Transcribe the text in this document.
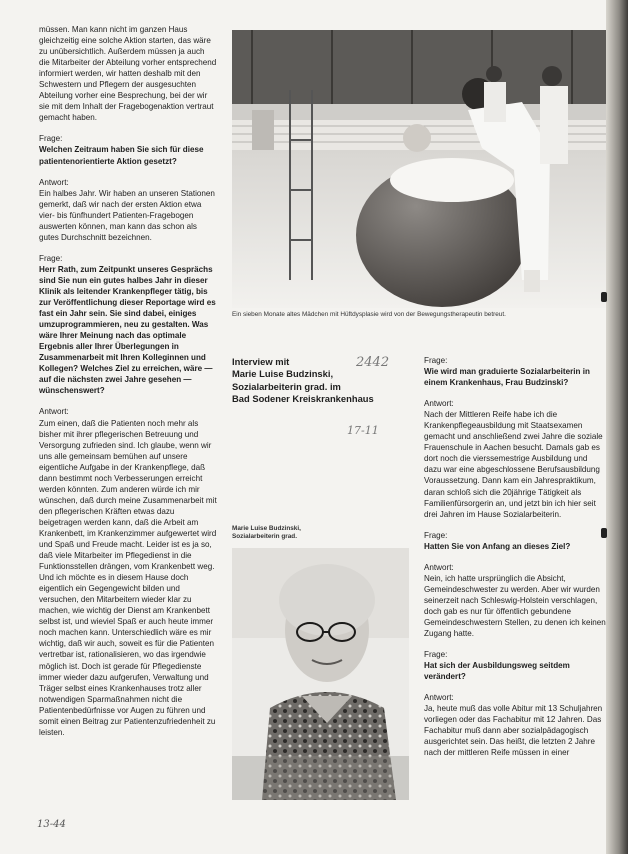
müssen. Man kann nicht im ganzen Haus gleichzeitig eine solche Aktion starten, das wäre zu unübersichtlich. Außerdem müssen ja auch die Mitarbeiter der Abteilung vorher entsprechend informiert werden, wir hatten deshalb mit den Schwestern und Pflegern der ausgesuchten Abteilung vorher eine Besprechung, bei der wir sie mit dem Inhalt der Fragebogenaktion vertraut gemacht haben.

Frage:

Welchen Zeitraum haben Sie sich für diese patientenorientierte Aktion gesetzt?

Antwort:

Ein halbes Jahr. Wir haben an unseren Stationen gemerkt, daß wir nach der ersten Aktion etwa vier- bis fünfhundert Patienten-Fragebogen auswerten können, man kann das schon als gutes Durchschnitt bezeichnen.

Frage:

Herr Rath, zum Zeitpunkt unseres Gesprächs sind Sie nun ein gutes halbes Jahr in dieser Klinik als leitender Krankenpfleger tätig, bis zur Veröffentlichung dieser Reportage wird es fast ein Jahr sein. Sie sind dabei, einiges umzuprogrammieren, neu zu gestalten. Was wäre Ihrer Meinung nach das optimale Ergebnis aller Ihrer Überlegungen in Zusammenarbeit mit Ihren Kolleginnen und Kollegen? Welches Ziel zu erreichen, wäre — auf die nächsten zwei Jahre gesehen — wünschenswert?

Antwort:

Zum einen, daß die Patienten noch mehr als bisher mit ihrer pflegerischen Betreuung und Versorgung zufrieden sind. Ich glaube, wenn wir uns alle gemeinsam bemühen auf unsere eigentliche Aufgabe in der Krankenpflege, daß dann bestimmt noch Verbesserungen erreicht werden könnten. Zum anderen würde ich mir wünschen, daß durch meine Zusammenarbeit mit den pflegerischen Kräften etwas dazu beigetragen werden kann, daß die Arbeit am Krankenbett, im Krankenzimmer aufgewertet wird und Spaß und Freude macht. Leider ist es ja so, daß viele Mitarbeiter im Pflegedienst in die Funktionsstellen drängen, vom Krankenbett weg. Und ich möchte es in diesem Hause doch eigentlich ein Gegengewicht bilden und versuchen, den Mitarbeitern wieder klar zu machen, wie wichtig der Dienst am Krankenbett selbst ist, und wieviel Spaß er auch heute immer noch machen kann. Unterschiedlich wäre es mir wichtig, daß wir auch, soweit es für die Patienten vertretbar ist, rationalisieren, wo das irgendwie möglich ist. Doch ist gerade für Pflegedienste immer wieder dazu aufgerufen, Verwaltung und Träger selbst eines Krankenhauses trotz aller notwendigen Sparmaßnahmen nicht die Patientenbedürfnisse vor Augen zu führen und somit einen Beitrag zur Patientenzufriedenheit zu leisten.

Ein sieben Monate altes Mädchen mit Hüftdysplasie wird von der Bewegungstherapeutin betreut.
Interview mit
Marie Luise Budzinski,
Sozialarbeiterin grad. im
Bad Sodener Kreiskrankenhaus
2442
17-11
13-44
Marie Luise Budzinski,
Sozialarbeiterin grad.

Frage:

Wie wird man graduierte Sozialarbeiterin in einem Krankenhaus, Frau Budzinski?

Antwort:

Nach der Mittleren Reife habe ich die Krankenpflegeausbildung mit Staatsexamen gemacht und anschließend zwei Jahre die soziale Frauenschule in Aachen besucht. Damals gab es dort noch die vierssemestrige Ausbildung und dazu war eine abgeschlossene Berufsausbildung Voraussetzung. Dann kam ein Jahrespraktikum, daran schloß sich die 20jährige Tätigkeit als Familienfürsorgerin an, und jetzt bin ich hier seit drei Jahren im Hause Sozialarbeiterin.

Frage:

Hatten Sie von Anfang an dieses Ziel?

Antwort:

Nein, ich hatte ursprünglich die Absicht, Gemeindeschwester zu werden. Aber wir wurden seinerzeit nach Schleswig-Holstein verschlagen, doch gab es nur für öffentlich gebundene Gemeindeschwestern Stellen, zu denen ich keinen Zugang hatte.

Frage:

Hat sich der Ausbildungsweg seitdem verändert?

Antwort:

Ja, heute muß das volle Abitur mit 13 Schuljahren vorliegen oder das Fachabitur mit 12 Jahren. Das Fachabitur muß dann aber sozialpädagogisch ausgerichtet sein. Das heißt, die letzten 2 Jahre nach der mittleren Reife müssen in einer
